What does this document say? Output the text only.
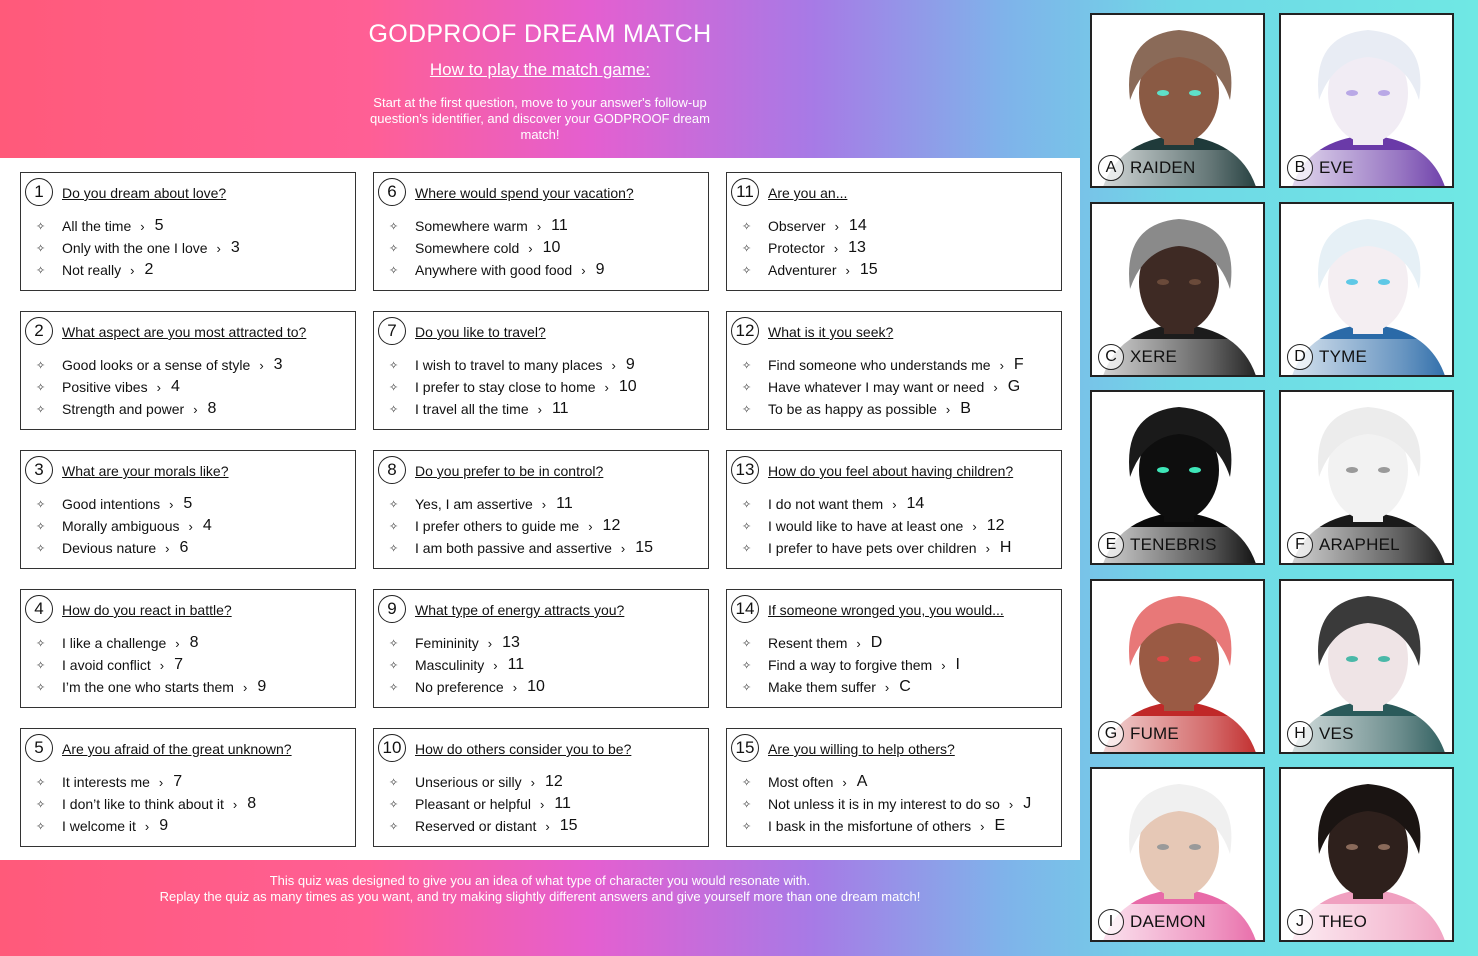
GODPROOF DREAM MATCH
How to play the match game:
Start at the first question, move to your answer's follow-up question's identifier, and discover your GODPROOF dream match!
1	Do you dream about love?
✧	All the time › 5
✧	Only with the one I love › 3
✧	Not really › 2
2	What aspect are you most attracted to?
✧	Good looks or a sense of style › 3
✧	Positive vibes › 4
✧	Strength and power › 8
3	What are your morals like?
✧	Good intentions › 5
✧	Morally ambiguous › 4
✧	Devious nature › 6
4	How do you react in battle?
✧	I like a challenge › 8
✧	I avoid conflict › 7
✧	I’m the one who starts them › 9
5	Are you afraid of the great unknown?
✧	It interests me › 7
✧	I don’t like to think about it › 8
✧	I welcome it › 9
6	Where would spend your vacation?
✧	Somewhere warm › 11
✧	Somewhere cold › 10
✧	Anywhere with good food › 9
7	Do you like to travel?
✧	I wish to travel to many places › 9
✧	I prefer to stay close to home › 10
✧	I travel all the time › 11
8	Do you prefer to be in control?
✧	Yes, I am assertive › 11
✧	I prefer others to guide me › 12
✧	I am both passive and assertive › 15
9	What type of energy attracts you?
✧	Femininity › 13
✧	Masculinity › 11
✧	No preference › 10
10 How do others consider you to be?
✧	Unserious or silly › 12
✧	Pleasant or helpful › 11
✧	Reserved or distant › 15
11	Are you an...
✧	Observer › 14
✧	Protector › 13
✧	Adventurer › 15
12 What is it you seek?
✧	Find someone who understands me › F
✧	Have whatever I may want or need › G
✧	To be as happy as possible › B
13 How do you feel about having children?
✧	I do not want them › 14
✧	I would like to have at least one › 12
✧	I prefer to have pets over children › H
14 If someone wronged you, you would...
✧	Resent them › D
✧	Find a way to forgive them › I
✧	Make them suffer › C
15 Are you willing to help others?
✧	Most often › A
✧	Not unless it is in my interest to do so › J
✧	I bask in the misfortune of others › E
A RAIDEN	B EVE
C XERE	D TYME
E TENEBRIS	F ARAPHEL
G FUME	H VES
I DAEMON	J THEO
This quiz was designed to give you an idea of what type of character you would resonate with.
Replay the quiz as many times as you want, and try making slightly different answers and give yourself more than one dream match!
